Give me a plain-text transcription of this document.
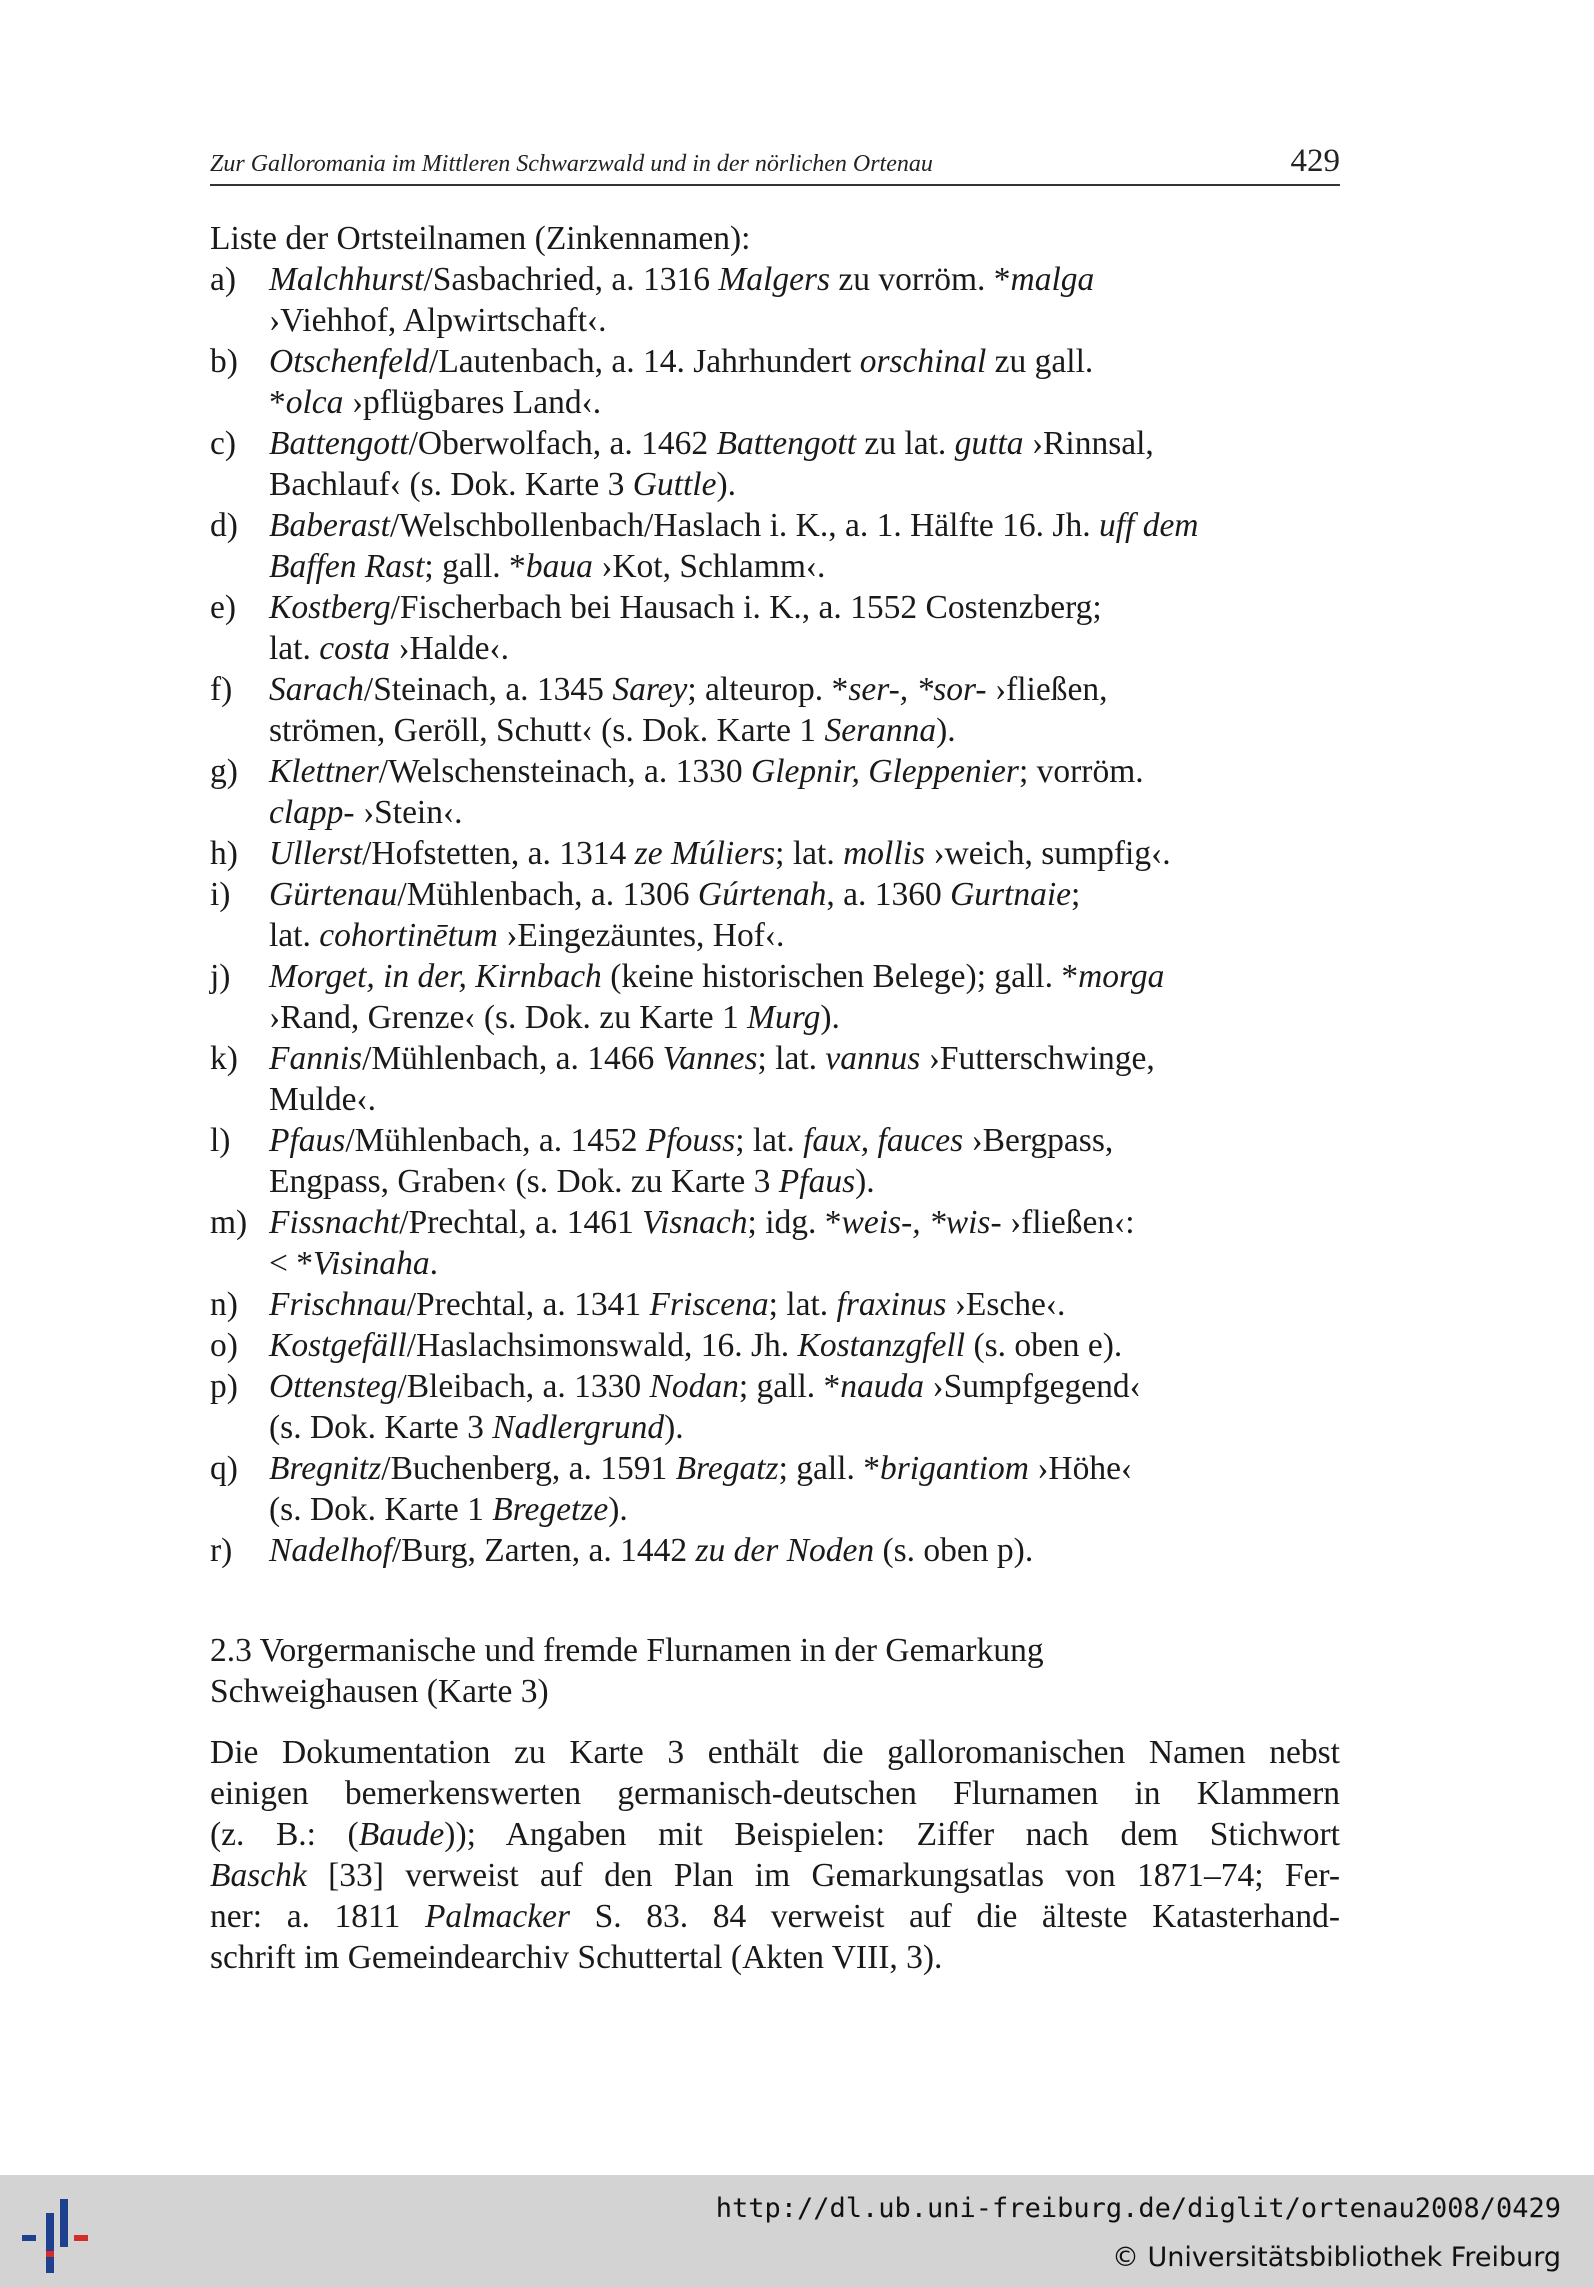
Zur Galloromania im Mittleren Schwarzwald und in der nörlichen Ortenau	429
Liste der Ortsteilnamen (Zinkennamen):
a) Malchhurst/Sasbachried, a. 1316 Malgers zu vorröm. *malga
›Viehhof, Alpwirtschaft‹.
b) Otschenfeld/Lautenbach, a. 14. Jahrhundert orschinal zu gall.
*olca ›pflügbares Land‹.
c) Battengott/Oberwolfach, a. 1462 Battengott zu lat. gutta ›Rinnsal,
Bachlauf‹ (s. Dok. Karte 3 Guttle).
d) Baberast/Welschbollenbach/Haslach i. K., a. 1. Hälfte 16. Jh. uff dem
Baffen Rast; gall. *baua ›Kot, Schlamm‹.
e) Kostberg/Fischerbach bei Hausach i. K., a. 1552 Costenzberg;
lat. costa ›Halde‹.
f) Sarach/Steinach, a. 1345 Sarey; alteurop. *ser-, *sor- ›fließen,
strömen, Geröll, Schutt‹ (s. Dok. Karte 1 Seranna).
g) Klettner/Welschensteinach, a. 1330 Glepnir, Gleppenier; vorröm.
clapp- ›Stein‹.
h) Ullerst/Hofstetten, a. 1314 ze Múliers; lat. mollis ›weich, sumpfig‹.
i) Gürtenau/Mühlenbach, a. 1306 Gúrtenah, a. 1360 Gurtnaie;
lat. cohortinētum ›Eingezäuntes, Hof‹.
j) Morget, in der, Kirnbach (keine historischen Belege); gall. *morga
›Rand, Grenze‹ (s. Dok. zu Karte 1 Murg).
k) Fannis/Mühlenbach, a. 1466 Vannes; lat. vannus ›Futterschwinge,
Mulde‹.
l) Pfaus/Mühlenbach, a. 1452 Pfouss; lat. faux, fauces ›Bergpass,
Engpass, Graben‹ (s. Dok. zu Karte 3 Pfaus).
m) Fissnacht/Prechtal, a. 1461 Visnach; idg. *weis-, *wis- ›fließen‹:
< *Visinaha.
n) Frischnau/Prechtal, a. 1341 Friscena; lat. fraxinus ›Esche‹.
o) Kostgefäll/Haslachsimonswald, 16. Jh. Kostanzgfell (s. oben e).
p) Ottensteg/Bleibach, a. 1330 Nodan; gall. *nauda ›Sumpfgegend‹
(s. Dok. Karte 3 Nadlergrund).
q) Bregnitz/Buchenberg, a. 1591 Bregatz; gall. *brigantiom ›Höhe‹
(s. Dok. Karte 1 Bregetze).
r) Nadelhof/Burg, Zarten, a. 1442 zu der Noden (s. oben p).
2.3 Vorgermanische und fremde Flurnamen in der Gemarkung
Schweighausen (Karte 3)
Die Dokumentation zu Karte 3 enthält die galloromanischen Namen nebst
einigen bemerkenswerten germanisch-deutschen Flurnamen in Klammern
(z. B.: (Baude)); Angaben mit Beispielen: Ziffer nach dem Stichwort
Baschk [33] verweist auf den Plan im Gemarkungsatlas von 1871–74; Fer-
ner: a. 1811 Palmacker S. 83. 84 verweist auf die älteste Katasterhand-
schrift im Gemeindearchiv Schuttertal (Akten VIII, 3).
http://dl.ub.uni-freiburg.de/diglit/ortenau2008/0429
© Universitätsbibliothek Freiburg
